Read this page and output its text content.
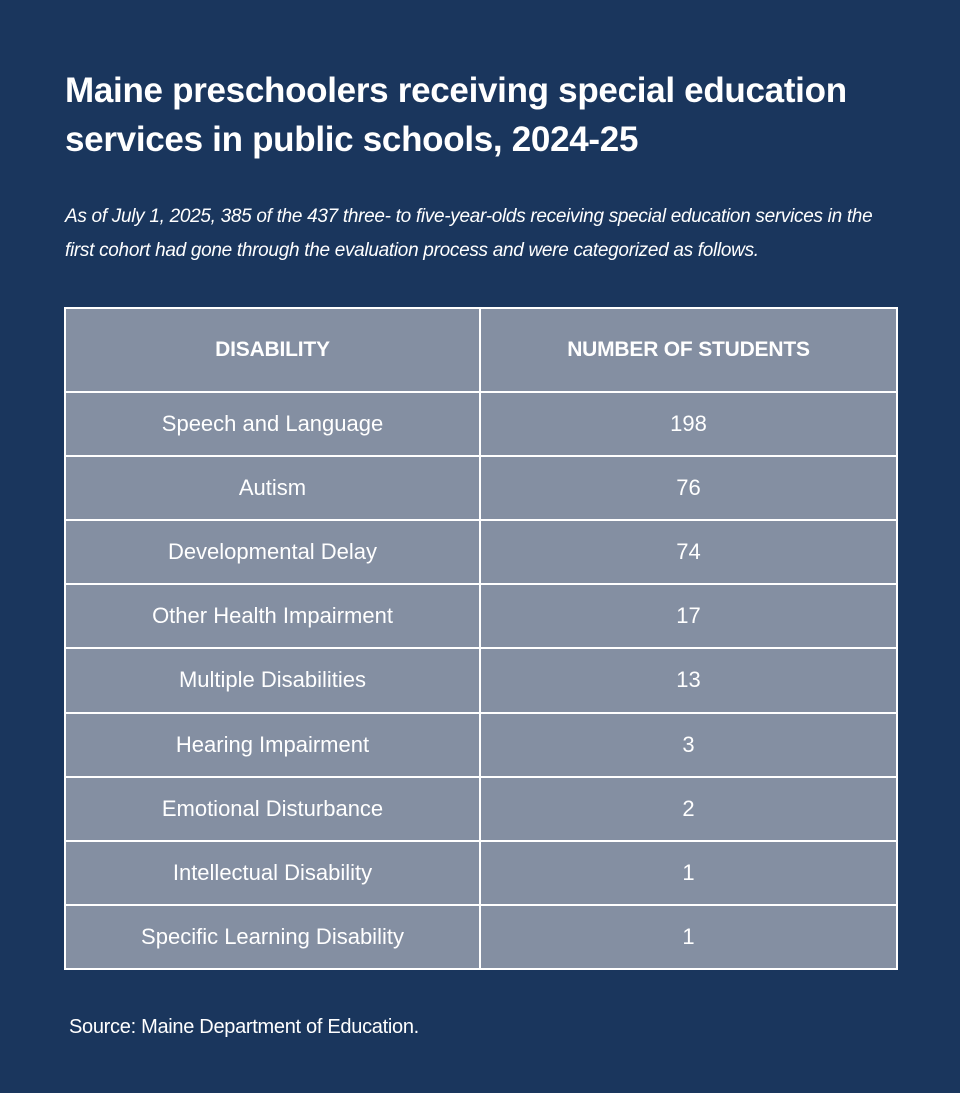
Maine preschoolers receiving special education services in public schools, 2024-25

As of July 1, 2025, 385 of the 437 three- to five-year-olds receiving special education services in the first cohort had gone through the evaluation process and were categorized as follows.

DISABILITY	NUMBER OF STUDENTS
Speech and Language	198
Autism	76
Developmental Delay	74
Other Health Impairment	17
Multiple Disabilities	13
Hearing Impairment	3
Emotional Disturbance	2
Intellectual Disability	1
Specific Learning Disability	1

Source: Maine Department of Education.
